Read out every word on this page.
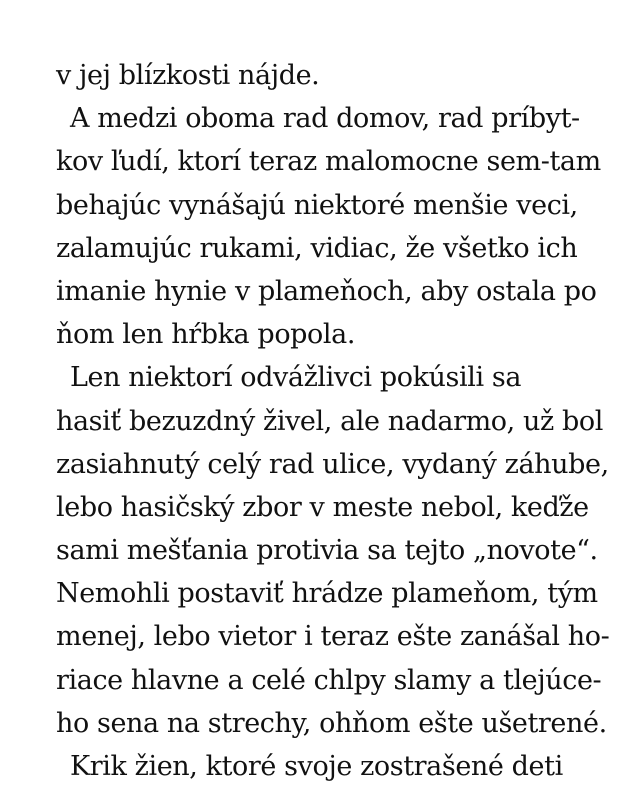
v jej blízkosti nájde.
A medzi oboma rad domov, rad príbyt-
kov ľudí, ktorí teraz malomocne sem-tam
behajúc vynášajú niektoré menšie veci,
zalamujúc rukami, vidiac, že všetko ich
imanie hynie v plameňoch, aby ostala po
ňom len hŕbka popola.
Len niektorí odvážlivci pokúsili sa
hasiť bezuzdný živel, ale nadarmo, už bol
zasiahnutý celý rad ulice, vydaný záhube,
lebo hasičský zbor v meste nebol, keďže
sami mešťania protivia sa tejto „novote“.
Nemohli postaviť hrádze plameňom, tým
menej, lebo vietor i teraz ešte zanášal ho-
riace hlavne a celé chlpy slamy a tlejúce-
ho sena na strechy, ohňom ešte ušetrené.
Krik žien, ktoré svoje zostrašené deti
